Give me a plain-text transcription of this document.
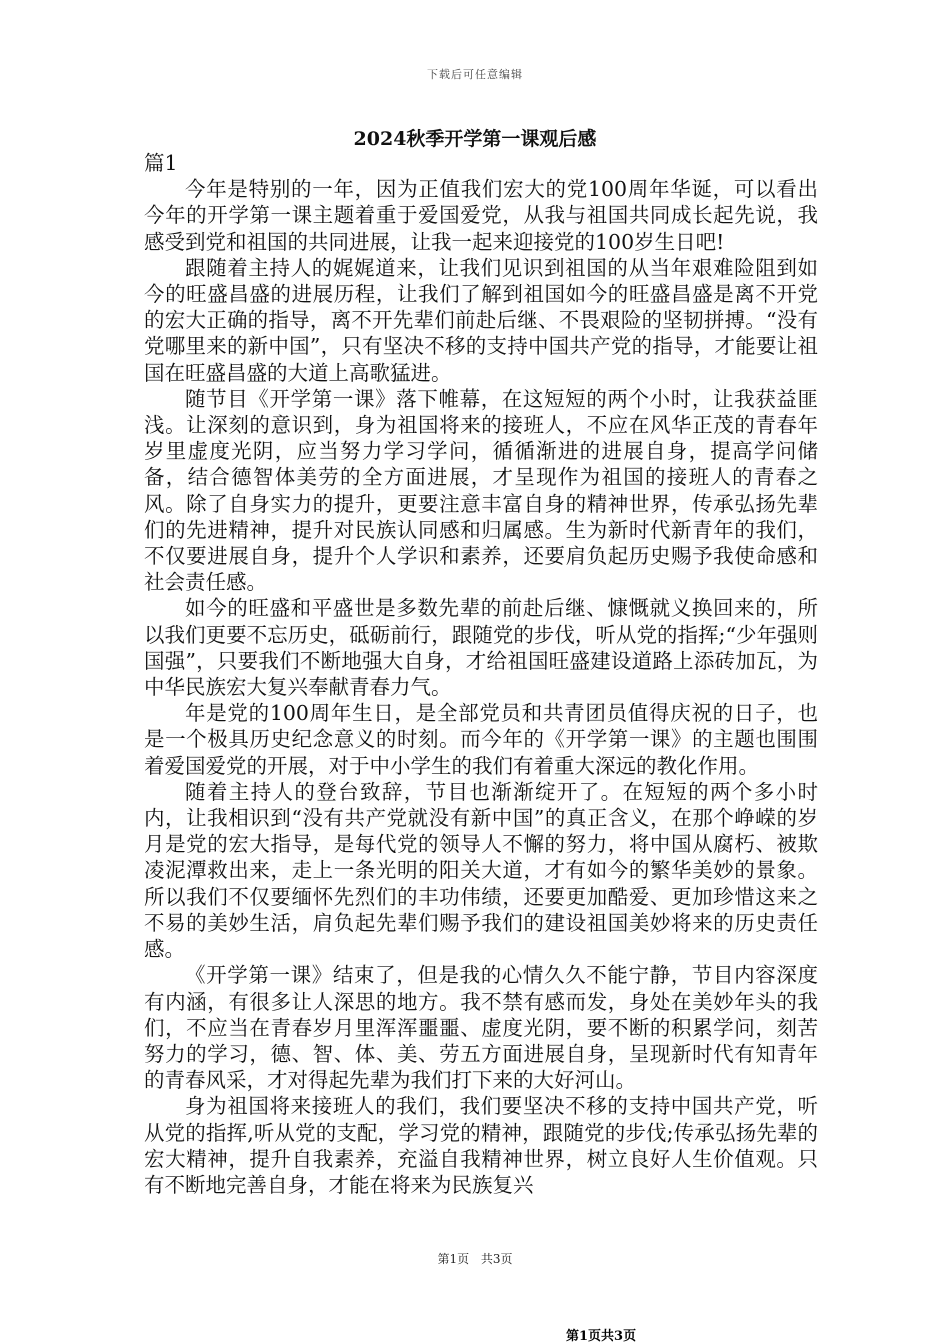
下载后可任意编辑
2024秋季开学第一课观后感

篇1

今年是特别的一年，因为正值我们宏大的党100周年华诞，可以看出今年的开学第一课主题着重于爱国爱党，从我与祖国共同成长起先说，我感受到党和祖国的共同进展，让我一起来迎接党的100岁生日吧!

跟随着主持人的娓娓道来，让我们见识到祖国的从当年艰难险阻到如今的旺盛昌盛的进展历程，让我们了解到祖国如今的旺盛昌盛是离不开党的宏大正确的指导，离不开先辈们前赴后继、不畏艰险的坚韧拼搏。“没有党哪里来的新中国”，只有坚决不移的支持中国共产党的指导，才能要让祖国在旺盛昌盛的大道上高歌猛进。

随节目《开学第一课》落下帷幕，在这短短的两个小时，让我获益匪浅。让深刻的意识到，身为祖国将来的接班人，不应在风华正茂的青春年岁里虚度光阴，应当努力学习学问，循循渐进的进展自身，提高学问储备，结合德智体美劳的全方面进展，才呈现作为祖国的接班人的青春之风。除了自身实力的提升，更要注意丰富自身的精神世界，传承弘扬先辈们的先进精神，提升对民族认同感和归属感。生为新时代新青年的我们，不仅要进展自身，提升个人学识和素养，还要肩负起历史赐予我使命感和社会责任感。

如今的旺盛和平盛世是多数先辈的前赴后继、慷慨就义换回来的，所以我们更要不忘历史，砥砺前行，跟随党的步伐，听从党的指挥;“少年强则国强”，只要我们不断地强大自身，才给祖国旺盛建设道路上添砖加瓦，为中华民族宏大复兴奉献青春力气。

年是党的100周年生日，是全部党员和共青团员值得庆祝的日子，也是一个极具历史纪念意义的时刻。而今年的《开学第一课》的主题也围围着爱国爱党的开展，对于中小学生的我们有着重大深远的教化作用。

随着主持人的登台致辞，节目也渐渐绽开了。在短短的两个多小时内，让我相识到“没有共产党就没有新中国”的真正含义，在那个峥嵘的岁月是党的宏大指导，是每代党的领导人不懈的努力，将中国从腐朽、被欺凌泥潭救出来，走上一条光明的阳关大道，才有如今的繁华美妙的景象。所以我们不仅要缅怀先烈们的丰功伟绩，还要更加酷爱、更加珍惜这来之不易的美妙生活，肩负起先辈们赐予我们的建设祖国美妙将来的历史责任感。

《开学第一课》结束了，但是我的心情久久不能宁静，节目内容深度有内涵，有很多让人深思的地方。我不禁有感而发，身处在美妙年头的我们，不应当在青春岁月里浑浑噩噩、虚度光阴，要不断的积累学问，刻苦努力的学习，德、智、体、美、劳五方面进展自身，呈现新时代有知青年的青春风采，才对得起先辈为我们打下来的大好河山。

身为祖国将来接班人的我们，我们要坚决不移的支持中国共产党，听从党的指挥,听从党的支配，学习党的精神，跟随党的步伐;传承弘扬先辈的宏大精神，提升自我素养，充溢自我精神世界，树立良好人生价值观。只有不断地完善自身，才能在将来为民族复兴

第1页 共3页
第1页共3页
